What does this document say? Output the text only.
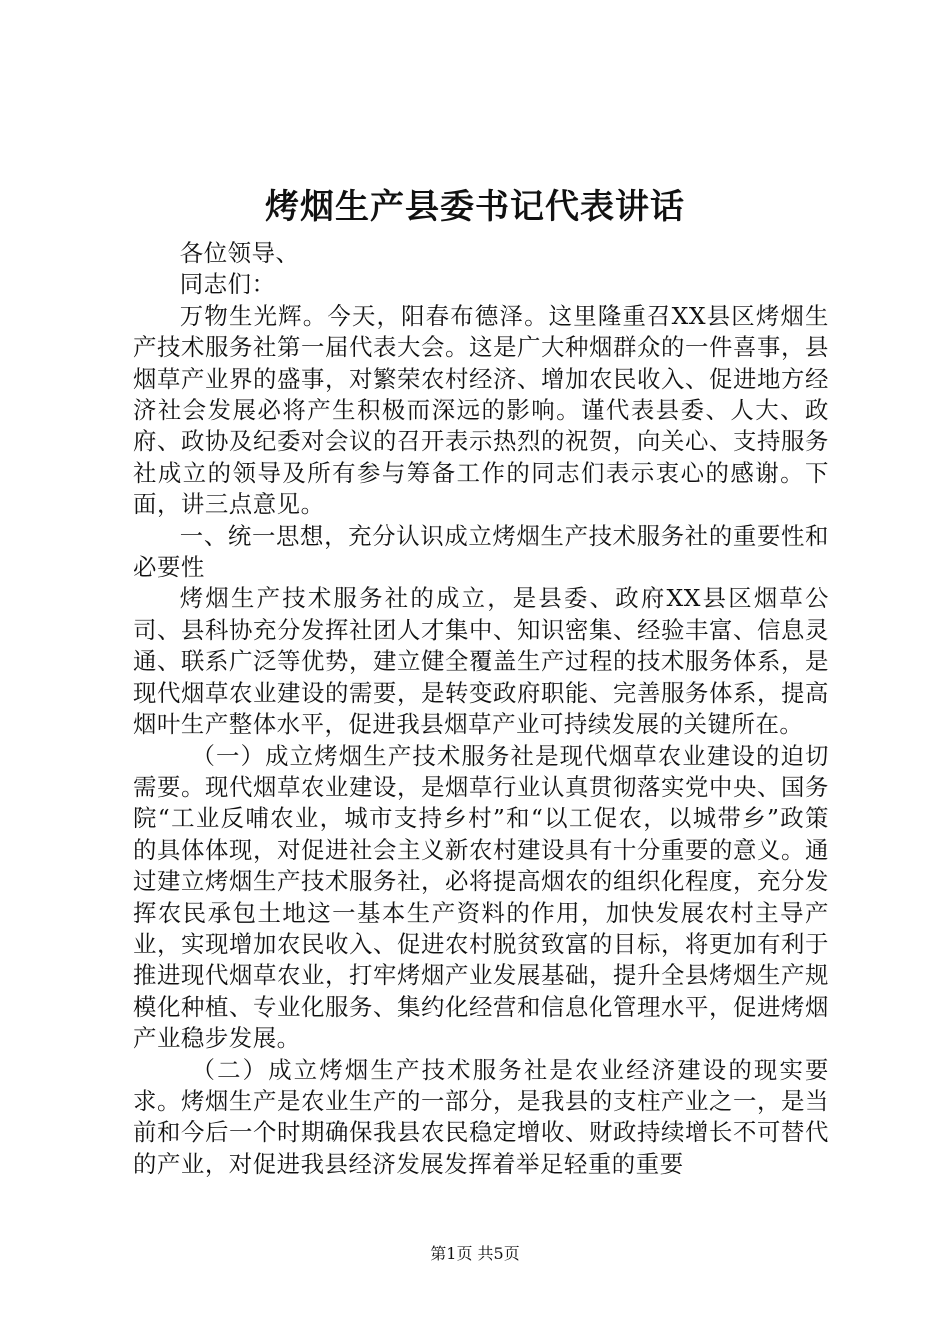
烤烟生产县委书记代表讲话

各位领导、

同志们：

万物生光辉。今天，阳春布德泽。这里隆重召XX县区烤烟生产技术服务社第一届代表大会。这是广大种烟群众的一件喜事，县烟草产业界的盛事，对繁荣农村经济、增加农民收入、促进地方经济社会发展必将产生积极而深远的影响。谨代表县委、人大、政府、政协及纪委对会议的召开表示热烈的祝贺，向关心、支持服务社成立的领导及所有参与筹备工作的同志们表示衷心的感谢。下面，讲三点意见。

一、统一思想，充分认识成立烤烟生产技术服务社的重要性和必要性

烤烟生产技术服务社的成立，是县委、政府XX县区烟草公司、县科协充分发挥社团人才集中、知识密集、经验丰富、信息灵通、联系广泛等优势，建立健全覆盖生产过程的技术服务体系，是现代烟草农业建设的需要，是转变政府职能、完善服务体系，提高烟叶生产整体水平，促进我县烟草产业可持续发展的关键所在。

（一）成立烤烟生产技术服务社是现代烟草农业建设的迫切需要。现代烟草农业建设，是烟草行业认真贯彻落实党中央、国务院“工业反哺农业，城市支持乡村”和“以工促农，以城带乡”政策的具体体现，对促进社会主义新农村建设具有十分重要的意义。通过建立烤烟生产技术服务社，必将提高烟农的组织化程度，充分发挥农民承包土地这一基本生产资料的作用，加快发展农村主导产业，实现增加农民收入、促进农村脱贫致富的目标，将更加有利于推进现代烟草农业，打牢烤烟产业发展基础，提升全县烤烟生产规模化种植、专业化服务、集约化经营和信息化管理水平，促进烤烟产业稳步发展。

（二）成立烤烟生产技术服务社是农业经济建设的现实要求。烤烟生产是农业生产的一部分，是我县的支柱产业之一，是当前和今后一个时期确保我县农民稳定增收、财政持续增长不可替代的产业，对促进我县经济发展发挥着举足轻重的重要

第1页 共5页
